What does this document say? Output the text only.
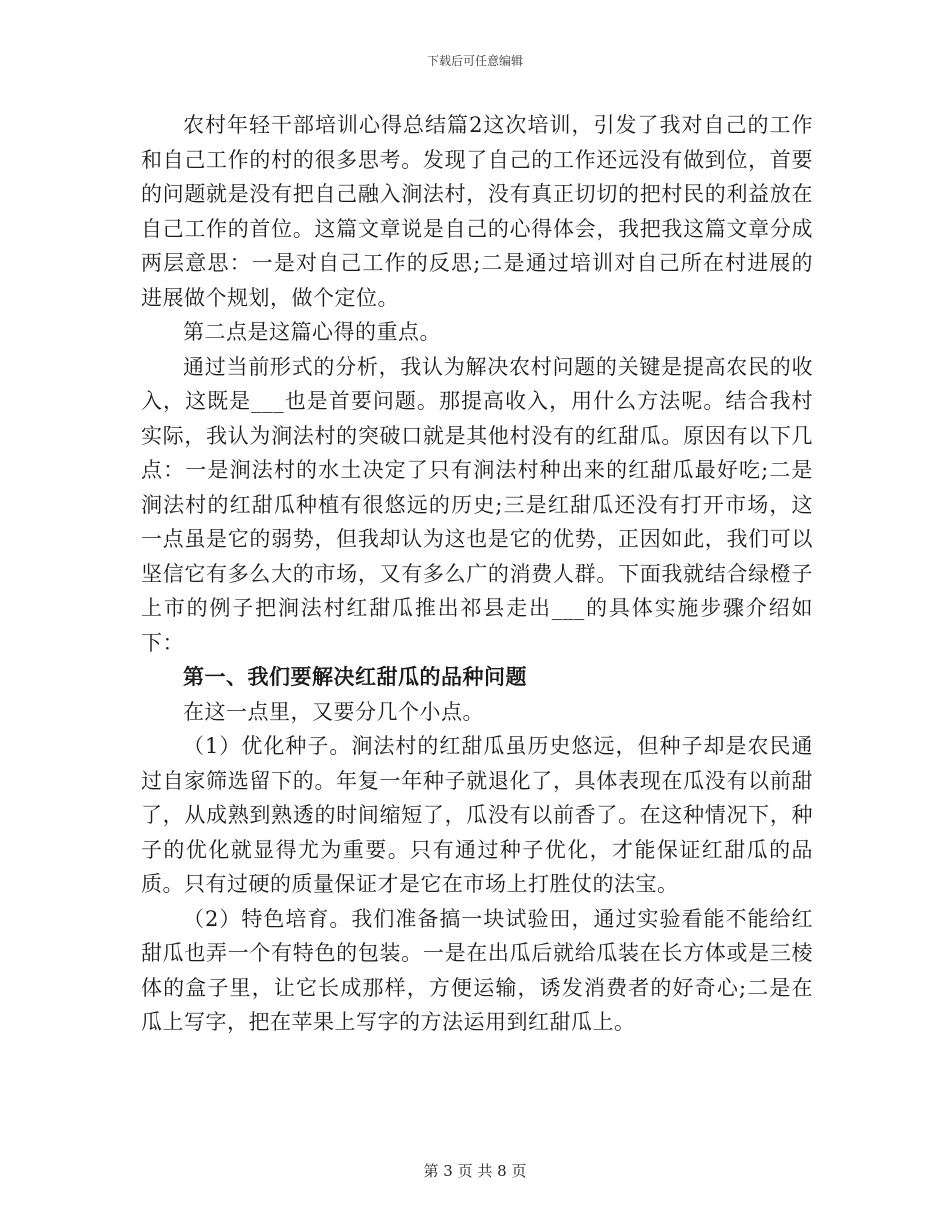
下载后可任意编辑

农村年轻干部培训心得总结篇2这次培训，引发了我对自己的工作和自己工作的村的很多思考。发现了自己的工作还远没有做到位，首要的问题就是没有把自己融入涧法村，没有真正切切的把村民的利益放在自己工作的首位。这篇文章说是自己的心得体会，我把我这篇文章分成两层意思：一是对自己工作的反思;二是通过培训对自己所在村进展的进展做个规划，做个定位。

第二点是这篇心得的重点。

通过当前形式的分析，我认为解决农村问题的关键是提高农民的收入，这既是___也是首要问题。那提高收入，用什么方法呢。结合我村实际，我认为涧法村的突破口就是其他村没有的红甜瓜。原因有以下几点：一是涧法村的水土决定了只有涧法村种出来的红甜瓜最好吃;二是涧法村的红甜瓜种植有很悠远的历史;三是红甜瓜还没有打开市场，这一点虽是它的弱势，但我却认为这也是它的优势，正因如此，我们可以坚信它有多么大的市场，又有多么广的消费人群。下面我就结合绿橙子上市的例子把涧法村红甜瓜推出祁县走出___的具体实施步骤介绍如下：

第一、我们要解决红甜瓜的品种问题

在这一点里，又要分几个小点。

（1）优化种子。涧法村的红甜瓜虽历史悠远，但种子却是农民通过自家筛选留下的。年复一年种子就退化了，具体表现在瓜没有以前甜了，从成熟到熟透的时间缩短了，瓜没有以前香了。在这种情况下，种子的优化就显得尤为重要。只有通过种子优化，才能保证红甜瓜的品质。只有过硬的质量保证才是它在市场上打胜仗的法宝。

（2）特色培育。我们准备搞一块试验田，通过实验看能不能给红甜瓜也弄一个有特色的包装。一是在出瓜后就给瓜装在长方体或是三棱体的盒子里，让它长成那样，方便运输，诱发消费者的好奇心;二是在瓜上写字，把在苹果上写字的方法运用到红甜瓜上。

第 3 页 共 8 页
